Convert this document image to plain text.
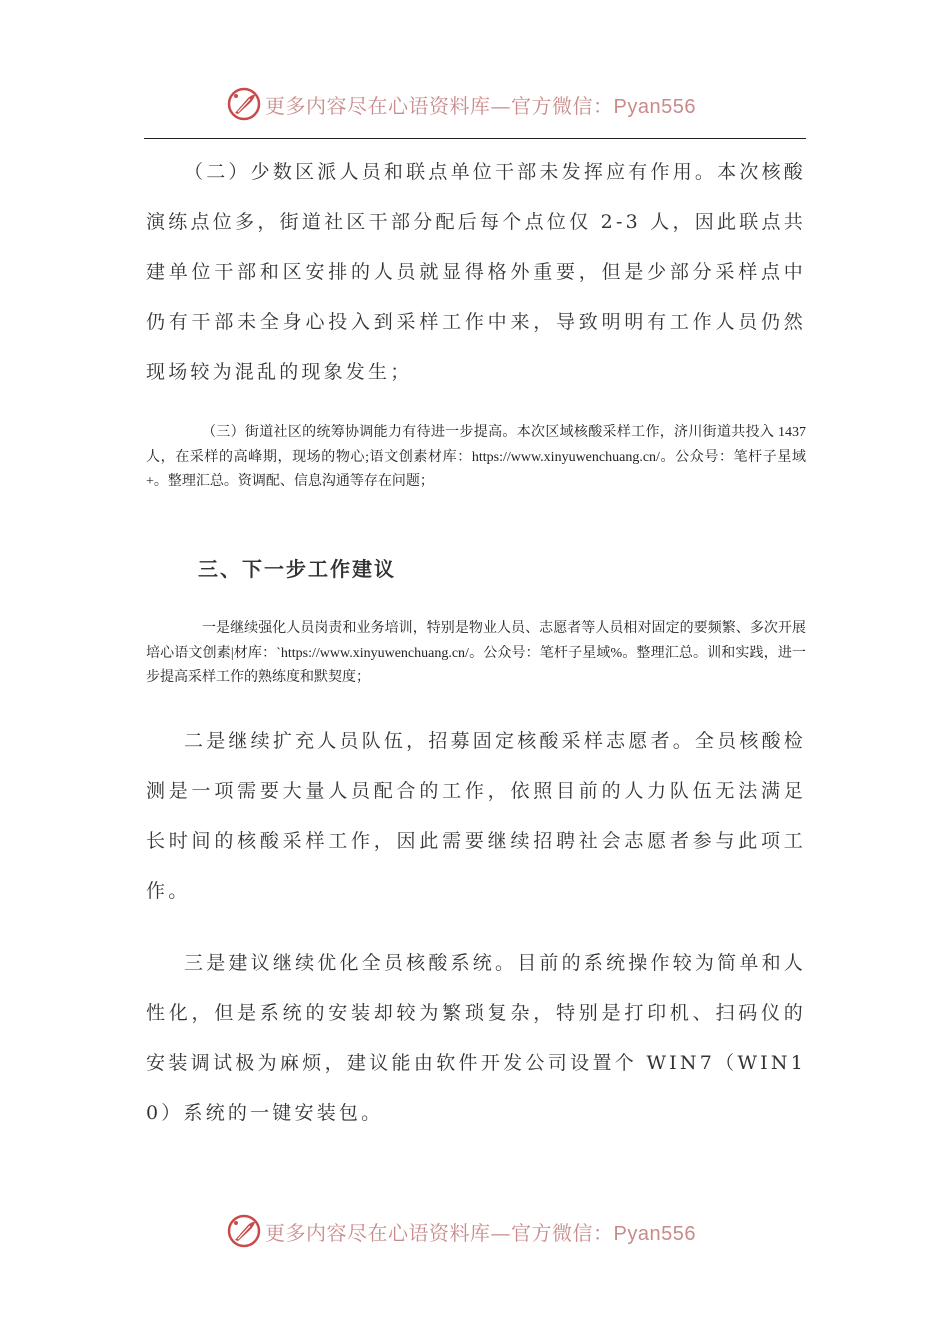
更多内容尽在心语资料库—官方微信：Pyan556

（二）少数区派人员和联点单位干部未发挥应有作用。本次核酸演练点位多，街道社区干部分配后每个点位仅 2-3 人，因此联点共建单位干部和区安排的人员就显得格外重要，但是少部分采样点中仍有干部未全身心投入到采样工作中来，导致明明有工作人员仍然现场较为混乱的现象发生；

（三）街道社区的统筹协调能力有待进一步提高。本次区域核酸采样工作，济川街道共投入 1437 人，在采样的高峰期，现场的物心;语文创素材库：https://www.xinyuwenchuang.cn/。公众号：笔杆子星域+。整理汇总。资调配、信息沟通等存在问题；

三、下一步工作建议

一是继续强化人员岗责和业务培训，特别是物业人员、志愿者等人员相对固定的要频繁、多次开展培心语文创素|材库：`https://www.xinyuwenchuang.cn/。公众号：笔杆子星域%。整理汇总。训和实践，进一步提高采样工作的熟练度和默契度；

二是继续扩充人员队伍，招募固定核酸采样志愿者。全员核酸检测是一项需要大量人员配合的工作，依照目前的人力队伍无法满足长时间的核酸采样工作，因此需要继续招聘社会志愿者参与此项工作。

三是建议继续优化全员核酸系统。目前的系统操作较为简单和人性化，但是系统的安装却较为繁琐复杂，特别是打印机、扫码仪的安装调试极为麻烦，建议能由软件开发公司设置个 WIN7（WIN10）系统的一键安装包。

更多内容尽在心语资料库—官方微信：Pyan556
